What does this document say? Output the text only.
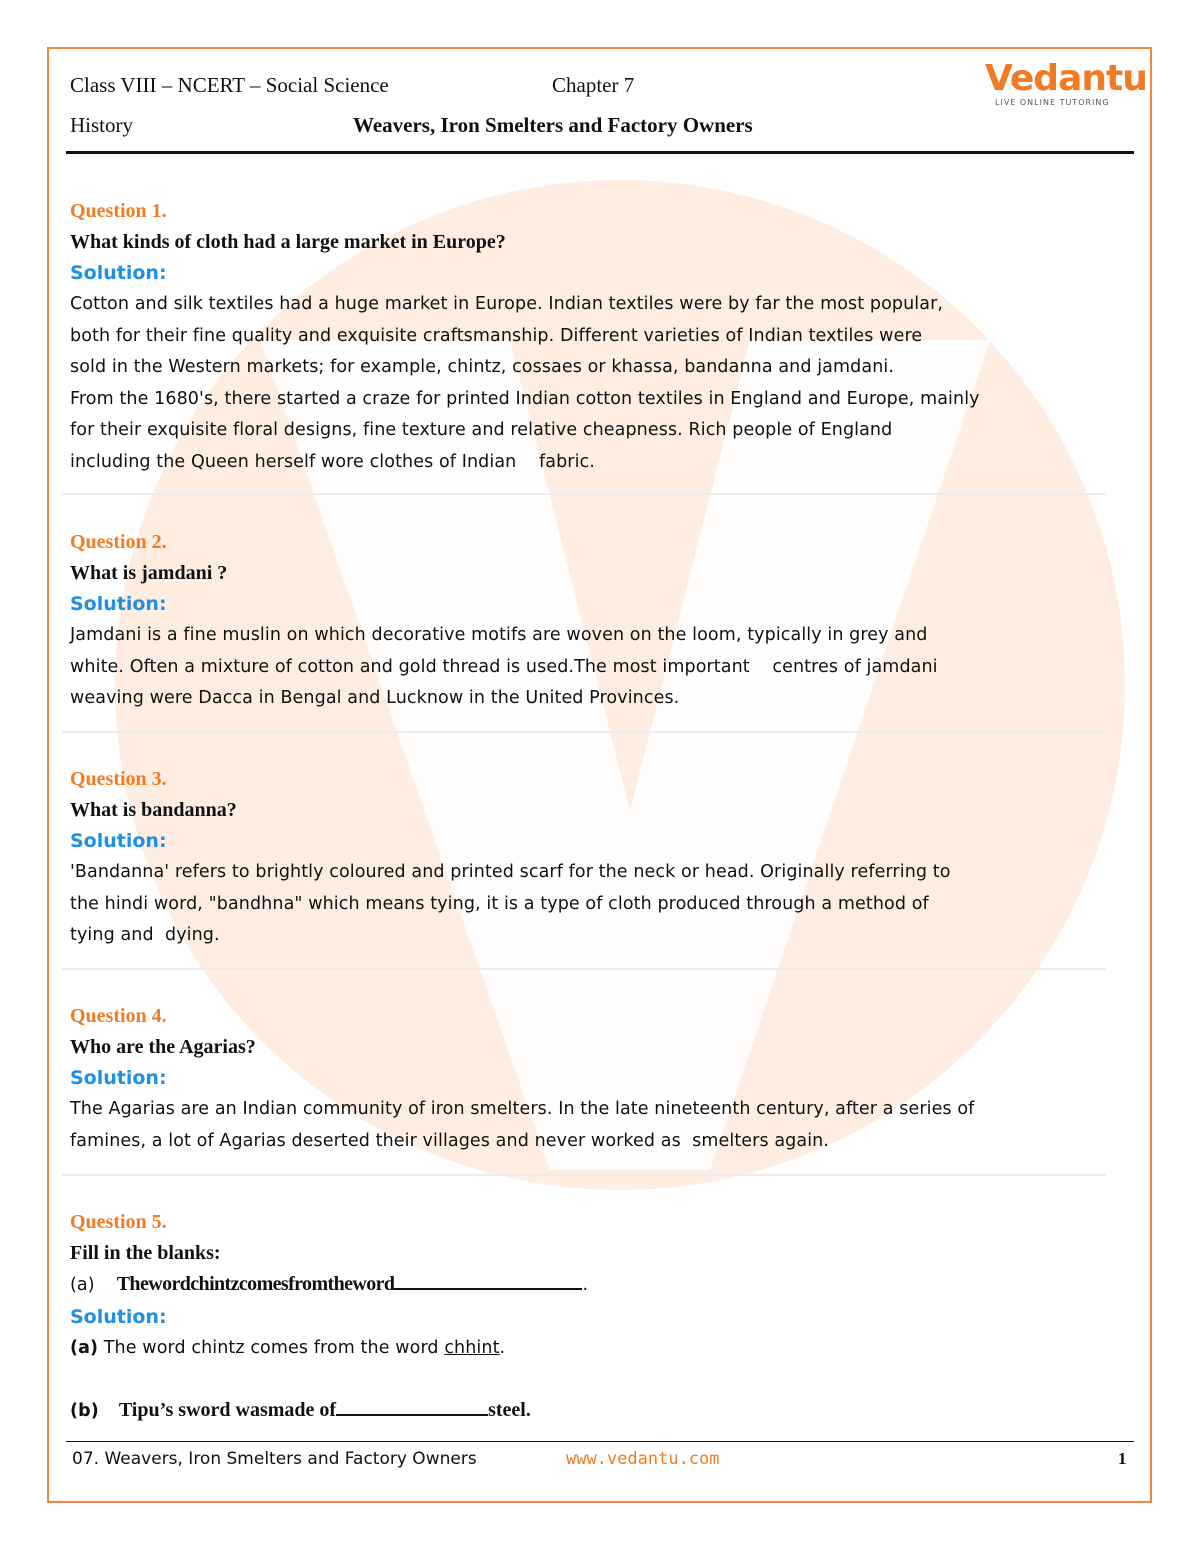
Class VIII – NCERT – Social Science	Chapter 7
History	Weavers, Iron Smelters and Factory Owners
Vedantu
LIVE ONLINE TUTORING
Question 1.
What kinds of cloth had a large market in Europe?
Solution:
Cotton and silk textiles had a huge market in Europe. Indian textiles were by far the most popular,
both for their fine quality and exquisite craftsmanship. Different varieties of Indian textiles were
sold in the Western markets; for example, chintz, cossaes or khassa, bandanna and jamdani.
From the 1680's, there started a craze for printed Indian cotton textiles in England and Europe, mainly
for their exquisite floral designs, fine texture and relative cheapness. Rich people of England
including the Queen herself wore clothes of Indian    fabric.
Question 2.
What is jamdani ?
Solution:
Jamdani is a fine muslin on which decorative motifs are woven on the loom, typically in grey and
white. Often a mixture of cotton and gold thread is used.The most important    centres of jamdani
weaving were Dacca in Bengal and Lucknow in the United Provinces.
Question 3.
What is bandanna?
Solution:
'Bandanna' refers to brightly coloured and printed scarf for the neck or head. Originally referring to
the hindi word, "bandhna" which means tying, it is a type of cloth produced through a method of
tying and  dying.
Question 4.
Who are the Agarias?
Solution:
The Agarias are an Indian community of iron smelters. In the late nineteenth century, after a series of
famines, a lot of Agarias deserted their villages and never worked as  smelters again.
Question 5.
Fill in the blanks:
(a) Thewordchintzcomesfromtheword	.
Solution:
(a) The word chintz comes from the word chhint.
(b) Tipu’s sword wasmade of	steel.
07. Weavers, Iron Smelters and Factory Owners	www.vedantu.com	1
